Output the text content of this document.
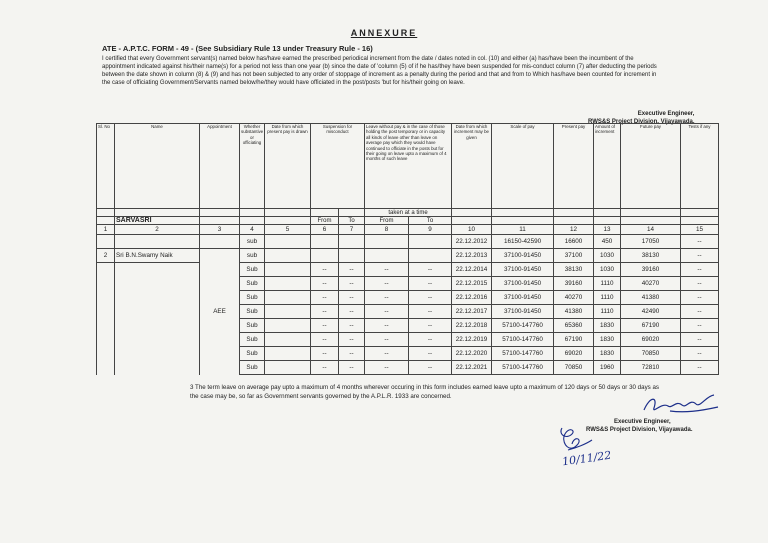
ANNEXURE
ATE - A.P.T.C. FORM - 49 - (See Subsidiary Rule 13 under Treasury Rule - 16)
I certified that every Government servant(s) named below has/have earned the prescribed periodical increment from the date / dates noted in col. (10) and either (a) has/have been the incumbent of the appointment indicated against his/their name(s) for a period not less than one year (b) since the date of 'column (5) of if he has/they have been suspended for mis-conduct column (7) after deducting the periods between the date shown in column (8) & (9) and has not been subjected to any order of stoppage of increment as a penalty during the period and that and from to Which has/have been counted for increment in the case of officiating Government/Servants named below/he/they would have officiated in the post/posts 'but for his/their going on leave.
Executive Engineer,
RWS&S Project Division, Vijayawada.
Sl. No	Name	Appointment	Whether substantive or officiating	Date from which present pay is drawn	Suspension for misconduct		Leave without pay & in the case of those holding the post temporary or in capacity all kinds of leave other than leave on average pay which they would have continued to officiate in the posts but for their going on leave upto a maximum of 4 months of such leave		Date from which increment may be given	Scale of pay	Present pay	Amount of increment	Future pay	Tests if any
							taken at a time							
	SARVASRI				From	To	From	To						
1	2	3	4	5	6	7	8	9	10	11	12	13	14	15
			sub						22.12.2012	16150-42590	16600	450	17050	--
2	Sri B.N.Swamy Naik		sub						22.12.2013	37100-91450	37100	1030	38130	--
			Sub		--	--	--	--	22.12.2014	37100-91450	38130	1030	39160	--
			Sub		--	--	--	--	22.12.2015	37100-91450	39160	1110	40270	--
			Sub		--	--	--	--	22.12.2016	37100-91450	40270	1110	41380	--
		AEE	Sub		--	--	--	--	22.12.2017	37100-91450	41380	1110	42490	--
			Sub		--	--	--	--	22.12.2018	57100-147760	65360	1830	67190	--
			Sub		--	--	--	--	22.12.2019	57100-147760	67190	1830	69020	--
			Sub		--	--	--	--	22.12.2020	57100-147760	69020	1830	70850	--
			Sub		--	--	--	--	22.12.2021	57100-147760	70850	1960	72810	--
3 The term leave on average pay upto a maximum of 4 months wherever occuring in this form includes earned leave upto a maximum of 120 days or 50 days or 30 days as the case may be, so far as Government servants governed by the A.P.L.R. 1933 are concerned.
Executive Engineer,
RWS&S Project Division, Vijayawada.
10/11/22
